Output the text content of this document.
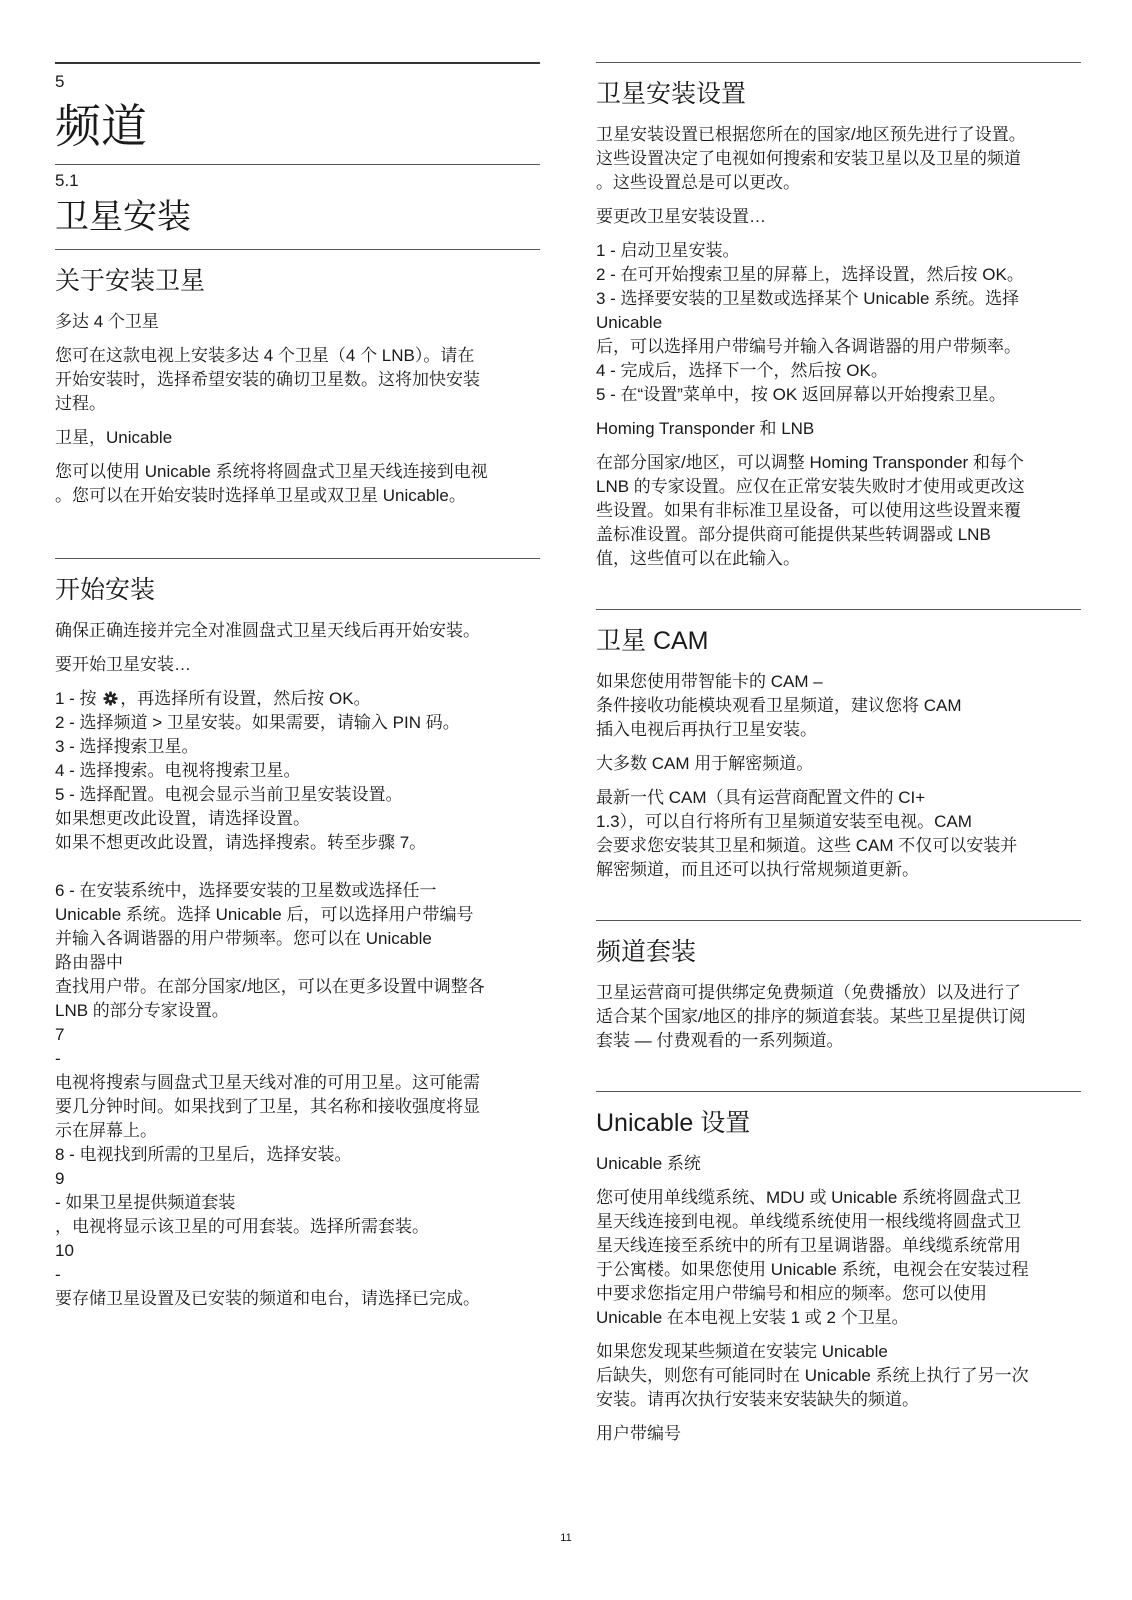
5
频道
5.1
卫星安装
关于安装卫星

多达 4 个卫星

您可在这款电视上安装多达 4 个卫星（4 个 LNB）。请在
开始安装时，选择希望安装的确切卫星数。这将加快安装
过程。

卫星，Unicable

您可以使用 Unicable 系统将将圆盘式卫星天线连接到电视
。您可以在开始安装时选择单卫星或双卫星 Unicable。

开始安装

确保正确连接并完全对准圆盘式卫星天线后再开始安装。

要开始卫星安装…

1 - 按 ，再选择所有设置，然后按 OK。
2 - 选择频道 > 卫星安装。如果需要，请输入 PIN 码。
3 - 选择搜索卫星。
4 - 选择搜索。电视将搜索卫星。
5 - 选择配置。电视会显示当前卫星安装设置。
如果想更改此设置，请选择设置。
如果不想更改此设置，请选择搜索。转至步骤 7。
6 - 在安装系统中，选择要安装的卫星数或选择任一
Unicable 系统。选择 Unicable 后，可以选择用户带编号
并输入各调谐器的用户带频率。您可以在 Unicable
路由器中
查找用户带。在部分国家/地区，可以在更多设置中调整各
LNB 的部分专家设置。
7
-
电视将搜索与圆盘式卫星天线对准的可用卫星。这可能需
要几分钟时间。如果找到了卫星，其名称和接收强度将显
示在屏幕上。
8 - 电视找到所需的卫星后，选择安装。
9
- 如果卫星提供频道套装
，电视将显示该卫星的可用套装。选择所需套装。
10
-
要存储卫星设置及已安装的频道和电台，请选择已完成。
卫星安装设置

卫星安装设置已根据您所在的国家/地区预先进行了设置。
这些设置决定了电视如何搜索和安装卫星以及卫星的频道
。这些设置总是可以更改。

要更改卫星安装设置…

1 - 启动卫星安装。
2 - 在可开始搜索卫星的屏幕上，选择设置，然后按 OK。
3 - 选择要安装的卫星数或选择某个 Unicable 系统。选择
Unicable
后，可以选择用户带编号并输入各调谐器的用户带频率。
4 - 完成后，选择下一个，然后按 OK。
5 - 在“设置”菜单中，按 OK 返回屏幕以开始搜索卫星。

Homing Transponder 和 LNB

在部分国家/地区，可以调整 Homing Transponder 和每个
LNB 的专家设置。应仅在正常安装失败时才使用或更改这
些设置。如果有非标准卫星设备，可以使用这些设置来覆
盖标准设置。部分提供商可能提供某些转调器或 LNB
值，这些值可以在此输入。

卫星 CAM

如果您使用带智能卡的 CAM –
条件接收功能模块观看卫星频道，建议您将 CAM
插入电视后再执行卫星安装。

大多数 CAM 用于解密频道。

最新一代 CAM（具有运营商配置文件的 CI+
1.3），可以自行将所有卫星频道安装至电视。CAM
会要求您安装其卫星和频道。这些 CAM 不仅可以安装并
解密频道，而且还可以执行常规频道更新。

频道套装

卫星运营商可提供绑定免费频道（免费播放）以及进行了
适合某个国家/地区的排序的频道套装。某些卫星提供订阅
套装 — 付费观看的一系列频道。

Unicable 设置

Unicable 系统

您可使用单线缆系统、MDU 或 Unicable 系统将圆盘式卫
星天线连接到电视。单线缆系统使用一根线缆将圆盘式卫
星天线连接至系统中的所有卫星调谐器。单线缆系统常用
于公寓楼。如果您使用 Unicable 系统，电视会在安装过程
中要求您指定用户带编号和相应的频率。您可以使用
Unicable 在本电视上安装 1 或 2 个卫星。

如果您发现某些频道在安装完 Unicable
后缺失，则您有可能同时在 Unicable 系统上执行了另一次
安装。请再次执行安装来安装缺失的频道。

用户带编号

11
